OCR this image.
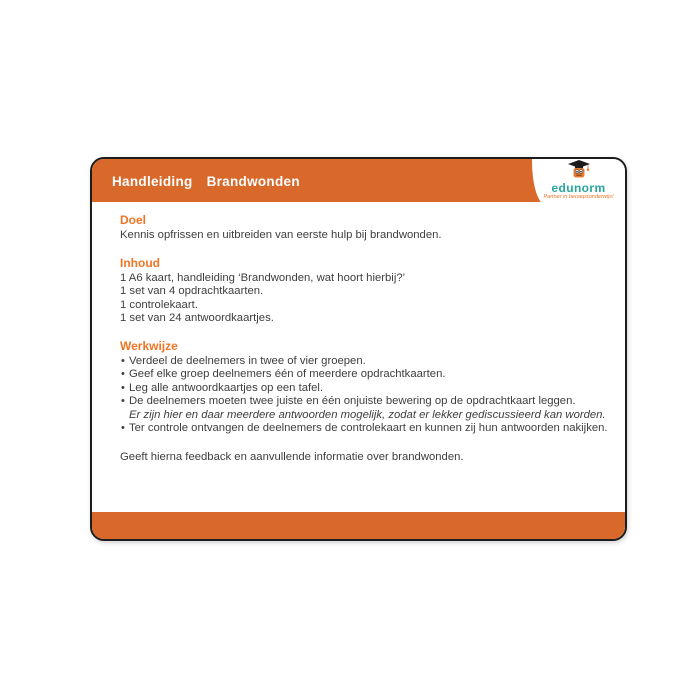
Handleiding Brandwonden	edunorm
Partner in beroepsonderwijs!

Doel

Kennis opfrissen en uitbreiden van eerste hulp bij brandwonden.

Inhoud

1 A6 kaart, handleiding ‘Brandwonden, wat hoort hierbij?’

1 set van 4 opdrachtkaarten.

1 controlekaart.

1 set van 24 antwoordkaartjes.

Werkwijze

• Verdeel de deelnemers in twee of vier groepen.

• Geef elke groep deelnemers één of meerdere opdrachtkaarten.

• Leg alle antwoordkaartjes op een tafel.

• De deelnemers moeten twee juiste en één onjuiste bewering op de opdrachtkaart leggen.

Er zijn hier en daar meerdere antwoorden mogelijk, zodat er lekker gediscussieerd kan worden.

• Ter controle ontvangen de deelnemers de controlekaart en kunnen zij hun antwoorden nakijken.

Geeft hierna feedback en aanvullende informatie over brandwonden.
